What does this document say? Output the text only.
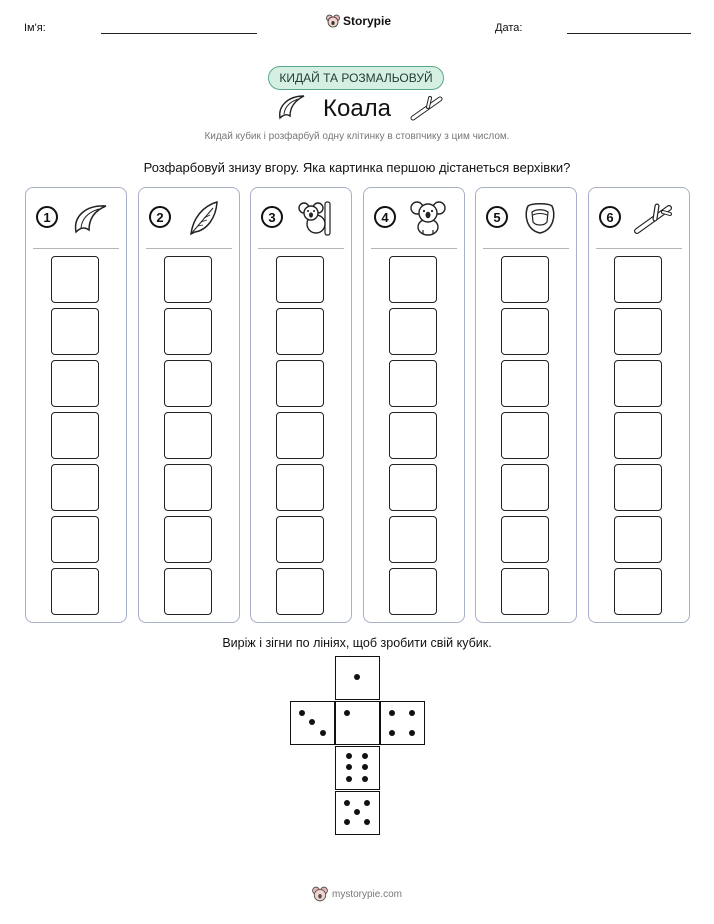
Ім'я:	Storypie	Дата:
КИДАЙ ТА РОЗМАЛЬОВУЙ
Коала
Кидай кубик і розфарбуй одну клітинку в стовпчику з цим числом.
Розфарбовуй знизу вгору. Яка картинка першою дістанеться верхівки?
1	2	3	4	5	6
Виріж і зігни по лініях, щоб зробити свій кубик.
mystorypie.com
